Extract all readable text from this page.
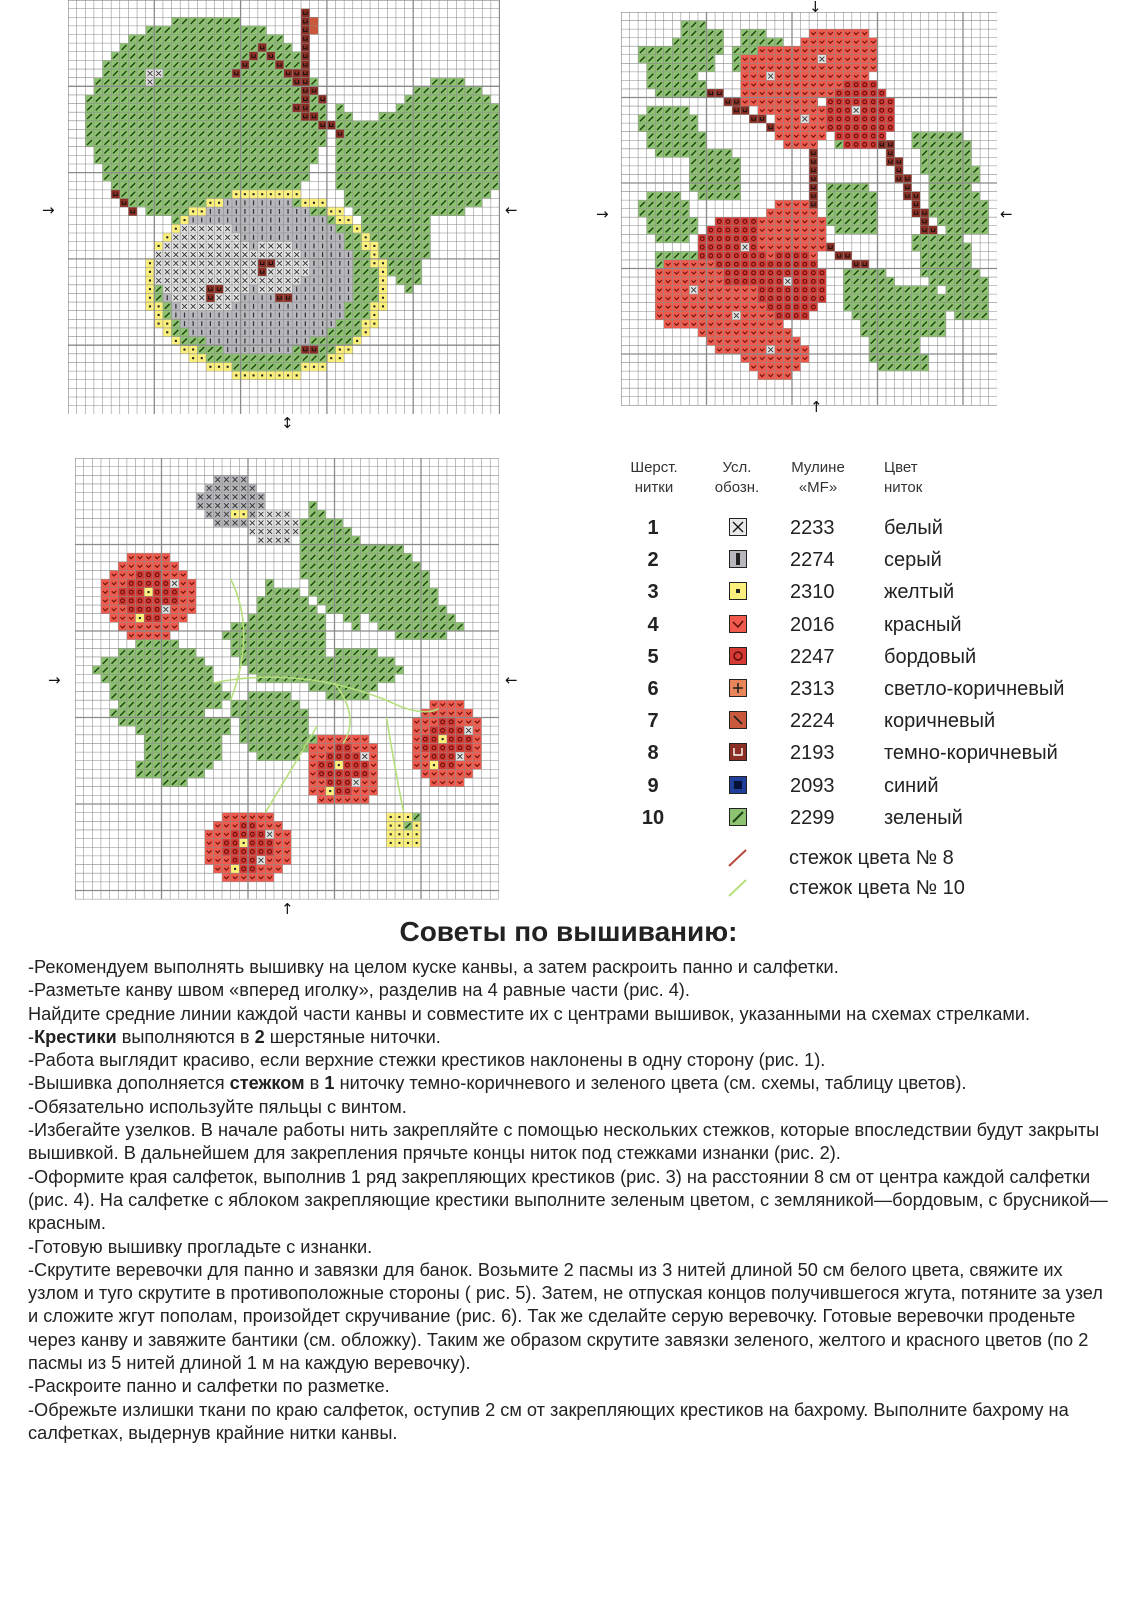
→	←
↕
↓
→	←
↑
→	←
↑
Шерст. нитки
Усл. обозн.
Мулине «MF»
Цвет ниток
1	2233 белый
2	2274 серый
3	2310 желтый
4	2016 красный
5	2247 бордовый
6	2313 светло-коричневый
7	2224 коричневый
8	2193 темно-коричневый
9	2093 синий
10	2299 зеленый
стежок цвета № 8
стежок цвета № 10
Советы по вышиванию:

-Рекомендуем выполнять вышивку на целом куске канвы, а затем раскроить панно и салфетки.

-Разметьте канву швом «вперед иголку», разделив на 4 равные части (рис. 4).

Найдите средние линии каждой части канвы и совместите их с центрами вышивок, указанными на схемах стрелками.

-Крестики выполняются в 2 шерстяные ниточки.

-Работа выглядит красиво, если верхние стежки крестиков наклонены в одну сторону (рис. 1).

-Вышивка дополняется стежком в 1 ниточку темно-коричневого и зеленого цвета (см. схемы, таблицу цветов).

-Обязательно используйте пяльцы с винтом.

-Избегайте узелков. В начале работы нить закрепляйте с помощью нескольких стежков, которые впоследствии будут закрыты вышивкой. В дальнейшем для закрепления прячьте концы ниток под стежками изнанки (рис. 2).

-Оформите края салфеток, выполнив 1 ряд закрепляющих крестиков (рис. 3) на расстоянии 8 см от центра каждой салфетки (рис. 4). На салфетке с яблоком закрепляющие крестики выполните зеленым цветом, с земляникой—бордовым, с брусникой—красным.

-Готовую вышивку прогладьте с изнанки.

-Скрутите веревочки для панно и завязки для банок. Возьмите 2 пасмы из 3 нитей длиной 50 см белого цвета, свяжите их узлом и туго скрутите в противоположные стороны ( рис. 5). Затем, не отпуская концов получившегося жгута, потяните за узел и сложите жгут пополам, произойдет скручивание (рис. 6). Так же сделайте серую веревочку. Готовые веревочки проденьте через канву и завяжите бантики (см. обложку). Таким же образом скрутите завязки зеленого, желтого и красного цветов (по 2 пасмы из 5 нитей длиной 1 м на каждую веревочку).

-Раскроите панно и салфетки по разметке.

-Обрежьте излишки ткани по краю салфеток, оступив 2 см от закрепляющих крестиков на бахрому. Выполните бахрому на салфетках, выдернув крайние нитки канвы.
